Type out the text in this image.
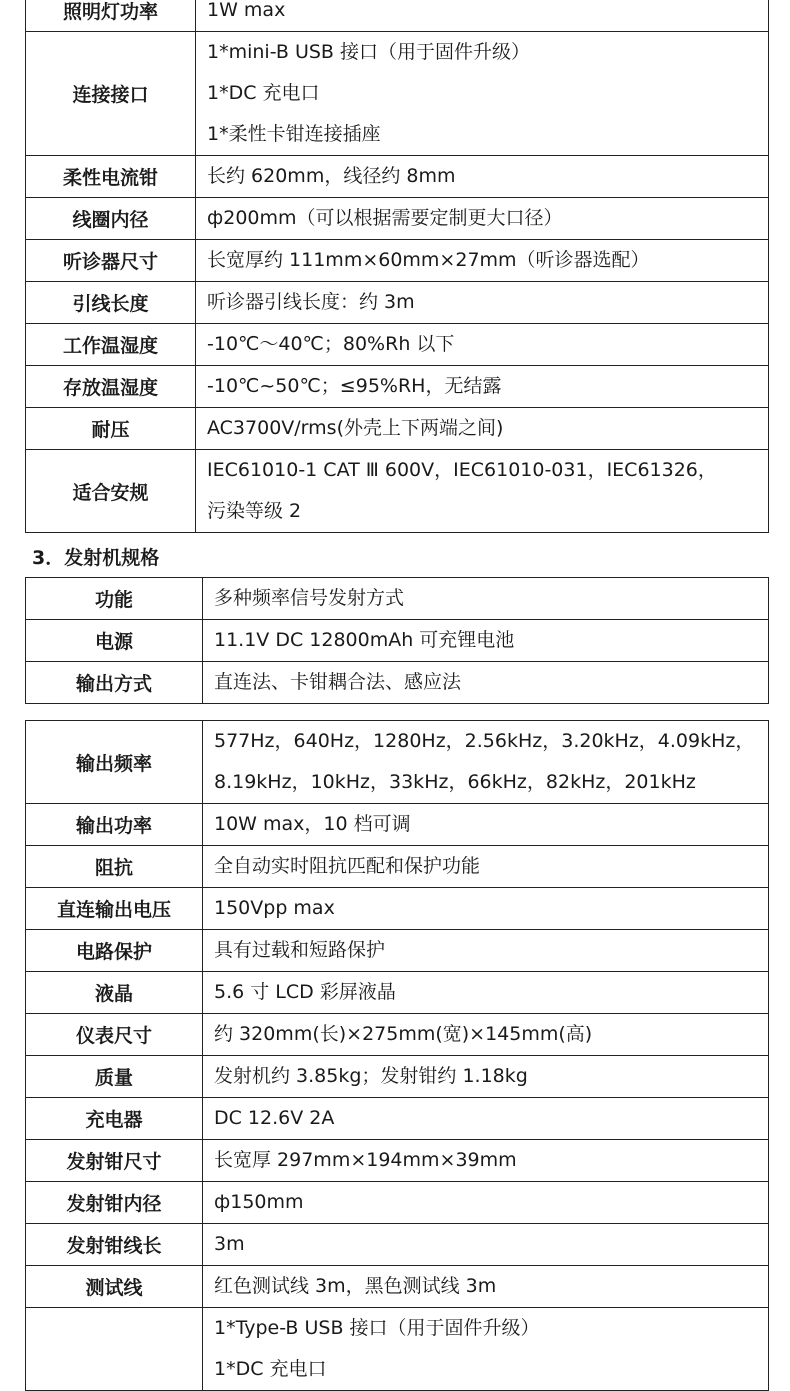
照明灯功率	1W max

连接接口	1*mini-B USB 接口（用于固件升级）
1*DC 充电口
1*柔性卡钳连接插座

柔性电流钳	长约 620mm，线径约 8mm

线圈内径	ф200mm（可以根据需要定制更大口径）

听诊器尺寸	长宽厚约 111mm×60mm×27mm（听诊器选配）

引线长度	听诊器引线长度：约 3m

工作温湿度	-10℃～40℃；80%Rh 以下

存放温湿度	-10℃~50℃；≤95%RH，无结露

耐压	AC3700V/rms(外壳上下两端之间)

适合安规	IEC61010-1 CAT Ⅲ 600V，IEC61010-031，IEC61326，
污染等级 2
3．发射机规格
功能	多种频率信号发射方式

电源	11.1V DC 12800mAh 可充锂电池

输出方式	直连法、卡钳耦合法、感应法
输出频率	577Hz，640Hz，1280Hz，2.56kHz，3.20kHz，4.09kHz，
8.19kHz，10kHz，33kHz，66kHz，82kHz，201kHz

输出功率	10W max，10 档可调

阻抗	全自动实时阻抗匹配和保护功能

直连输出电压	150Vpp max

电路保护	具有过载和短路保护

液晶	5.6 寸 LCD 彩屏液晶

仪表尺寸	约 320mm(长)×275mm(宽)×145mm(高)

质量	发射机约 3.85kg；发射钳约 1.18kg

充电器	DC 12.6V 2A

发射钳尺寸	长宽厚 297mm×194mm×39mm

发射钳内径	ф150mm

发射钳线长	3m

测试线	红色测试线 3m，黑色测试线 3m

	1*Type-B USB 接口（用于固件升级）
1*DC 充电口
